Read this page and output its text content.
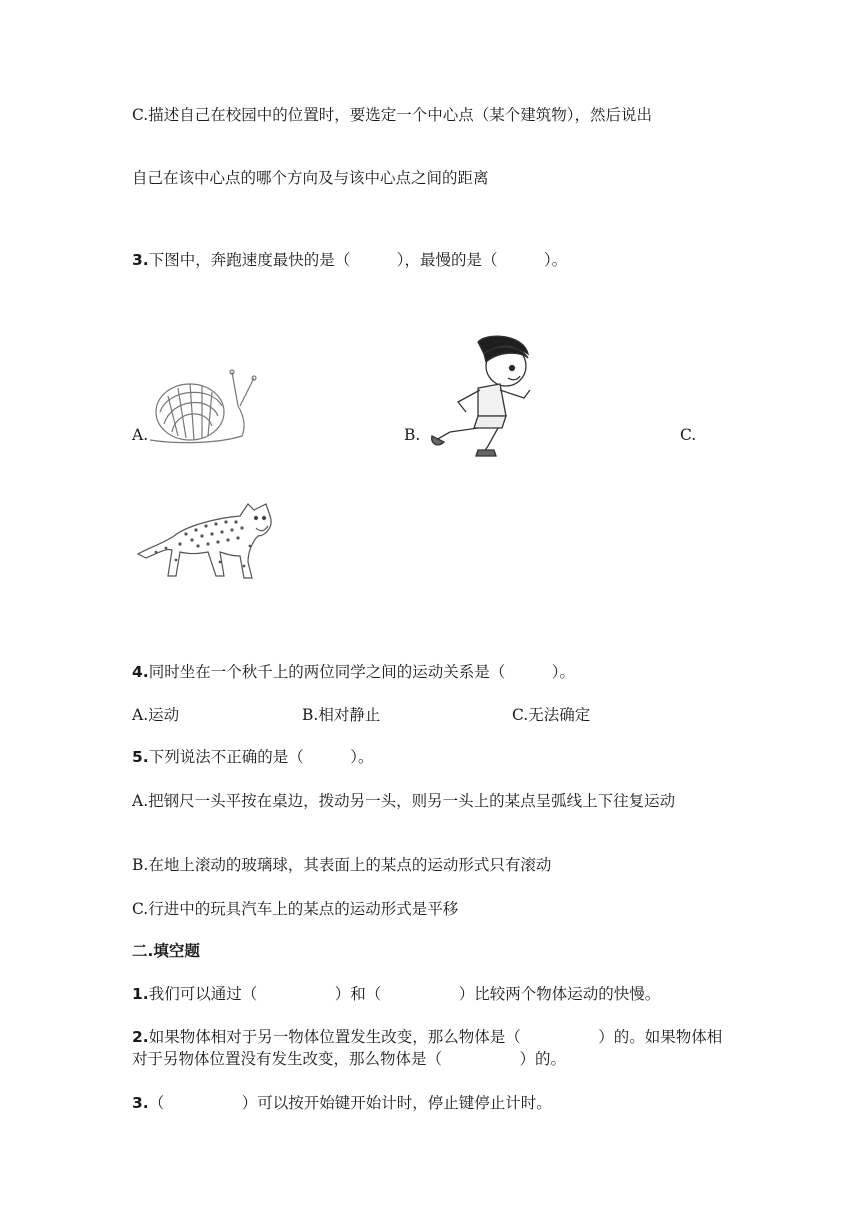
C.描述自己在校园中的位置时，要选定一个中心点（某个建筑物），然后说出
自己在该中心点的哪个方向及与该中心点之间的距离
3.下图中，奔跑速度最快的是（　　　），最慢的是（　　　）。
A.	B.	C.
4.同时坐在一个秋千上的两位同学之间的运动关系是（　　　）。
A.运动	B.相对静止	C.无法确定
5.下列说法不正确的是（　　　）。
A.把钢尺一头平按在桌边，拨动另一头，则另一头上的某点呈弧线上下往复运动
B.在地上滚动的玻璃球，其表面上的某点的运动形式只有滚动
C.行进中的玩具汽车上的某点的运动形式是平移
二.填空题
1.我们可以通过（　　　　　）和（　　　　　）比较两个物体运动的快慢。
2.如果物体相对于另一物体位置发生改变，那么物体是（　　　　　）的。如果物体相对于另物体位置没有发生改变，那么物体是（　　　　　）的。
3.（　　　　　）可以按开始键开始计时，停止键停止计时。
